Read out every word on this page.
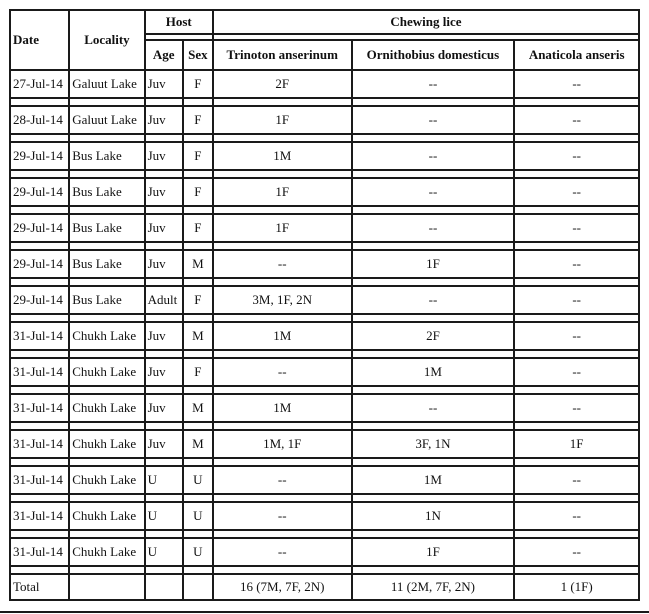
Date	Locality	Host		Chewing lice		

		Age	Sex	Trinoton anserinum	Ornithobius domesticus	Anaticola anseris
27-Jul-14	Galuut Lake	Juv	F	2F	--	--

28-Jul-14	Galuut Lake	Juv	F	1F	--	--

29-Jul-14	Bus Lake	Juv	F	1M	--	--

29-Jul-14	Bus Lake	Juv	F	1F	--	--

29-Jul-14	Bus Lake	Juv	F	1F	--	--

29-Jul-14	Bus Lake	Juv	M	--	1F	--

29-Jul-14	Bus Lake	Adult	F	3M, 1F, 2N	--	--

31-Jul-14	Chukh Lake	Juv	M	1M	2F	--

31-Jul-14	Chukh Lake	Juv	F	--	1M	--

31-Jul-14	Chukh Lake	Juv	M	1M	--	--

31-Jul-14	Chukh Lake	Juv	M	1M, 1F	3F, 1N	1F

31-Jul-14	Chukh Lake	U	U	--	1M	--

31-Jul-14	Chukh Lake	U	U	--	1N	--

31-Jul-14	Chukh Lake	U	U	--	1F	--

Total				16 (7M, 7F, 2N)	11 (2M, 7F, 2N)	1 (1F)
